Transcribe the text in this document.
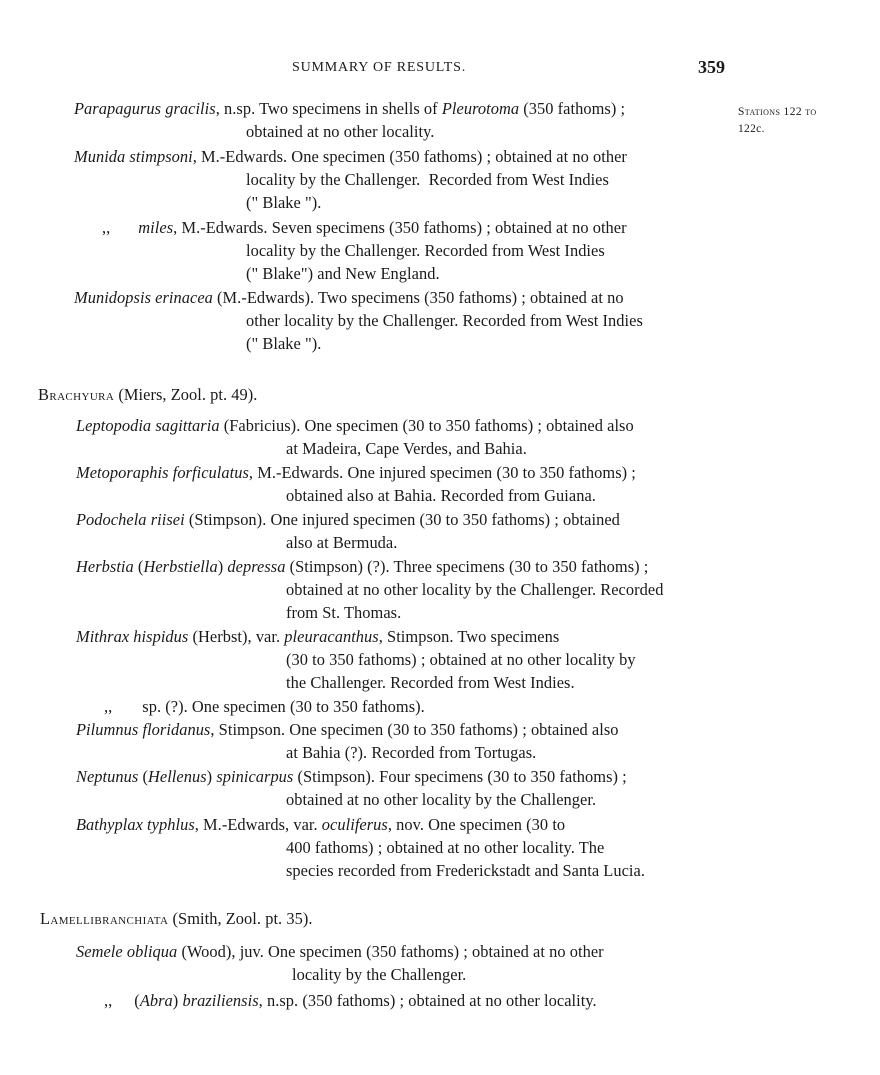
SUMMARY OF RESULTS.	359
Stations 122 to
122c.
Parapagurus gracilis, n.sp. Two specimens in shells of Pleurotoma (350 fathoms) ;
obtained at no other locality.
Munida stimpsoni, M.-Edwards. One specimen (350 fathoms) ; obtained at no other
locality by the Challenger.  Recorded from West Indies
(" Blake ").
,, miles, M.-Edwards. Seven specimens (350 fathoms) ; obtained at no other
locality by the Challenger. Recorded from West Indies
(" Blake") and New England.
Munidopsis erinacea (M.-Edwards). Two specimens (350 fathoms) ; obtained at no
other locality by the Challenger. Recorded from West Indies
(" Blake ").
Brachyura (Miers, Zool. pt. 49).
Leptopodia sagittaria (Fabricius). One specimen (30 to 350 fathoms) ; obtained also
at Madeira, Cape Verdes, and Bahia.
Metoporaphis forficulatus, M.-Edwards. One injured specimen (30 to 350 fathoms) ;
obtained also at Bahia. Recorded from Guiana.
Podochela riisei (Stimpson). One injured specimen (30 to 350 fathoms) ; obtained
also at Bermuda.
Herbstia (Herbstiella) depressa (Stimpson) (?). Three specimens (30 to 350 fathoms) ;
obtained at no other locality by the Challenger. Recorded
from St. Thomas.
Mithrax hispidus (Herbst), var. pleuracanthus, Stimpson. Two specimens
(30 to 350 fathoms) ; obtained at no other locality by
the Challenger. Recorded from West Indies.
,, sp. (?). One specimen (30 to 350 fathoms).
Pilumnus floridanus, Stimpson. One specimen (30 to 350 fathoms) ; obtained also
at Bahia (?). Recorded from Tortugas.
Neptunus (Hellenus) spinicarpus (Stimpson). Four specimens (30 to 350 fathoms) ;
obtained at no other locality by the Challenger.
Bathyplax typhlus, M.-Edwards, var. oculiferus, nov. One specimen (30 to
400 fathoms) ; obtained at no other locality. The
species recorded from Frederickstadt and Santa Lucia.
Lamellibranchiata (Smith, Zool. pt. 35).
Semele obliqua (Wood), juv. One specimen (350 fathoms) ; obtained at no other
locality by the Challenger.
,, (Abra) braziliensis, n.sp. (350 fathoms) ; obtained at no other locality.
